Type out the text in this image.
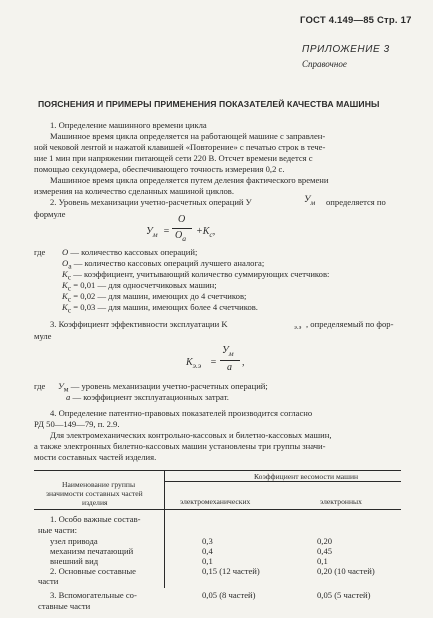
ГОСТ 4.149—85 Стр. 17
ПРИЛОЖЕНИЕ 3
Справочное
ПОЯСНЕНИЯ И ПРИМЕРЫ ПРИМЕНЕНИЯ ПОКАЗАТЕЛЕЙ КАЧЕСТВА МАШИНЫ
1. Определение машинного времени цикла
Машинное время цикла определяется на работающей машине с заправлен-
ной чековой лентой и нажатой клавишей «Повторение» с печатью строк в тече-
ние 1 мин при напряжении питающей сети 220 В. Отсчет времени ведется с
помощью секундомера, обеспечивающего точность измерения 0,2 с.
Машинное время цикла определяется путем деления фактического времени
измерения на количество сделанных машиной циклов.
2. Уровень механизации учетно-расчетных операций У	$У_м$ определяется по
формуле
$У_м$ =
O
$O_a$
$+K_c$,
где O — количество кассовых операций;
$O_a$ — количество кассовых операций лучшего аналога;
$K_c$ — коэффициент, учитывающий количество суммирующих счетчиков:
$K_c = 0,01$ — для односчетчиковых машин;
$K_c = 0,02$ — для машин, имеющих до 4 счетчиков;
$K_c = 0,03$ — для машин, имеющих более 4 счетчиков.
3. Коэффициент эффективности эксплуатации K	э.э , определяемый по фор-
муле
$K_{э.э}$ =
$У_м$
a ,
где $У_м$ — уровень механизации учетно-расчетных операций;
a — коэффициент эксплуатационных затрат.
4. Определение патентно-правовых показателей производится согласно
РД 50—149—79, п. 2.9.
Для электромеханических контрольно-кассовых и билетно-кассовых машин,
а также электронных билетно-кассовых машин установлены три группы значи-
мости составных частей изделия.
Наименование группы
значимости составных частей
изделия
Коэффициент весомости машин
электромеханических	электронных
1. Особо важные состав-
ные части:
узел привода	0,3	0,20
механизм печатающий	0,4	0,45
внешний вид	0,1	0,1
2. Основные составные	0,15 (12 частей)	0,20 (10 частей)
части
3. Вспомогательные со-	0,05 (8 частей)	0,05 (5 частей)
ставные части
